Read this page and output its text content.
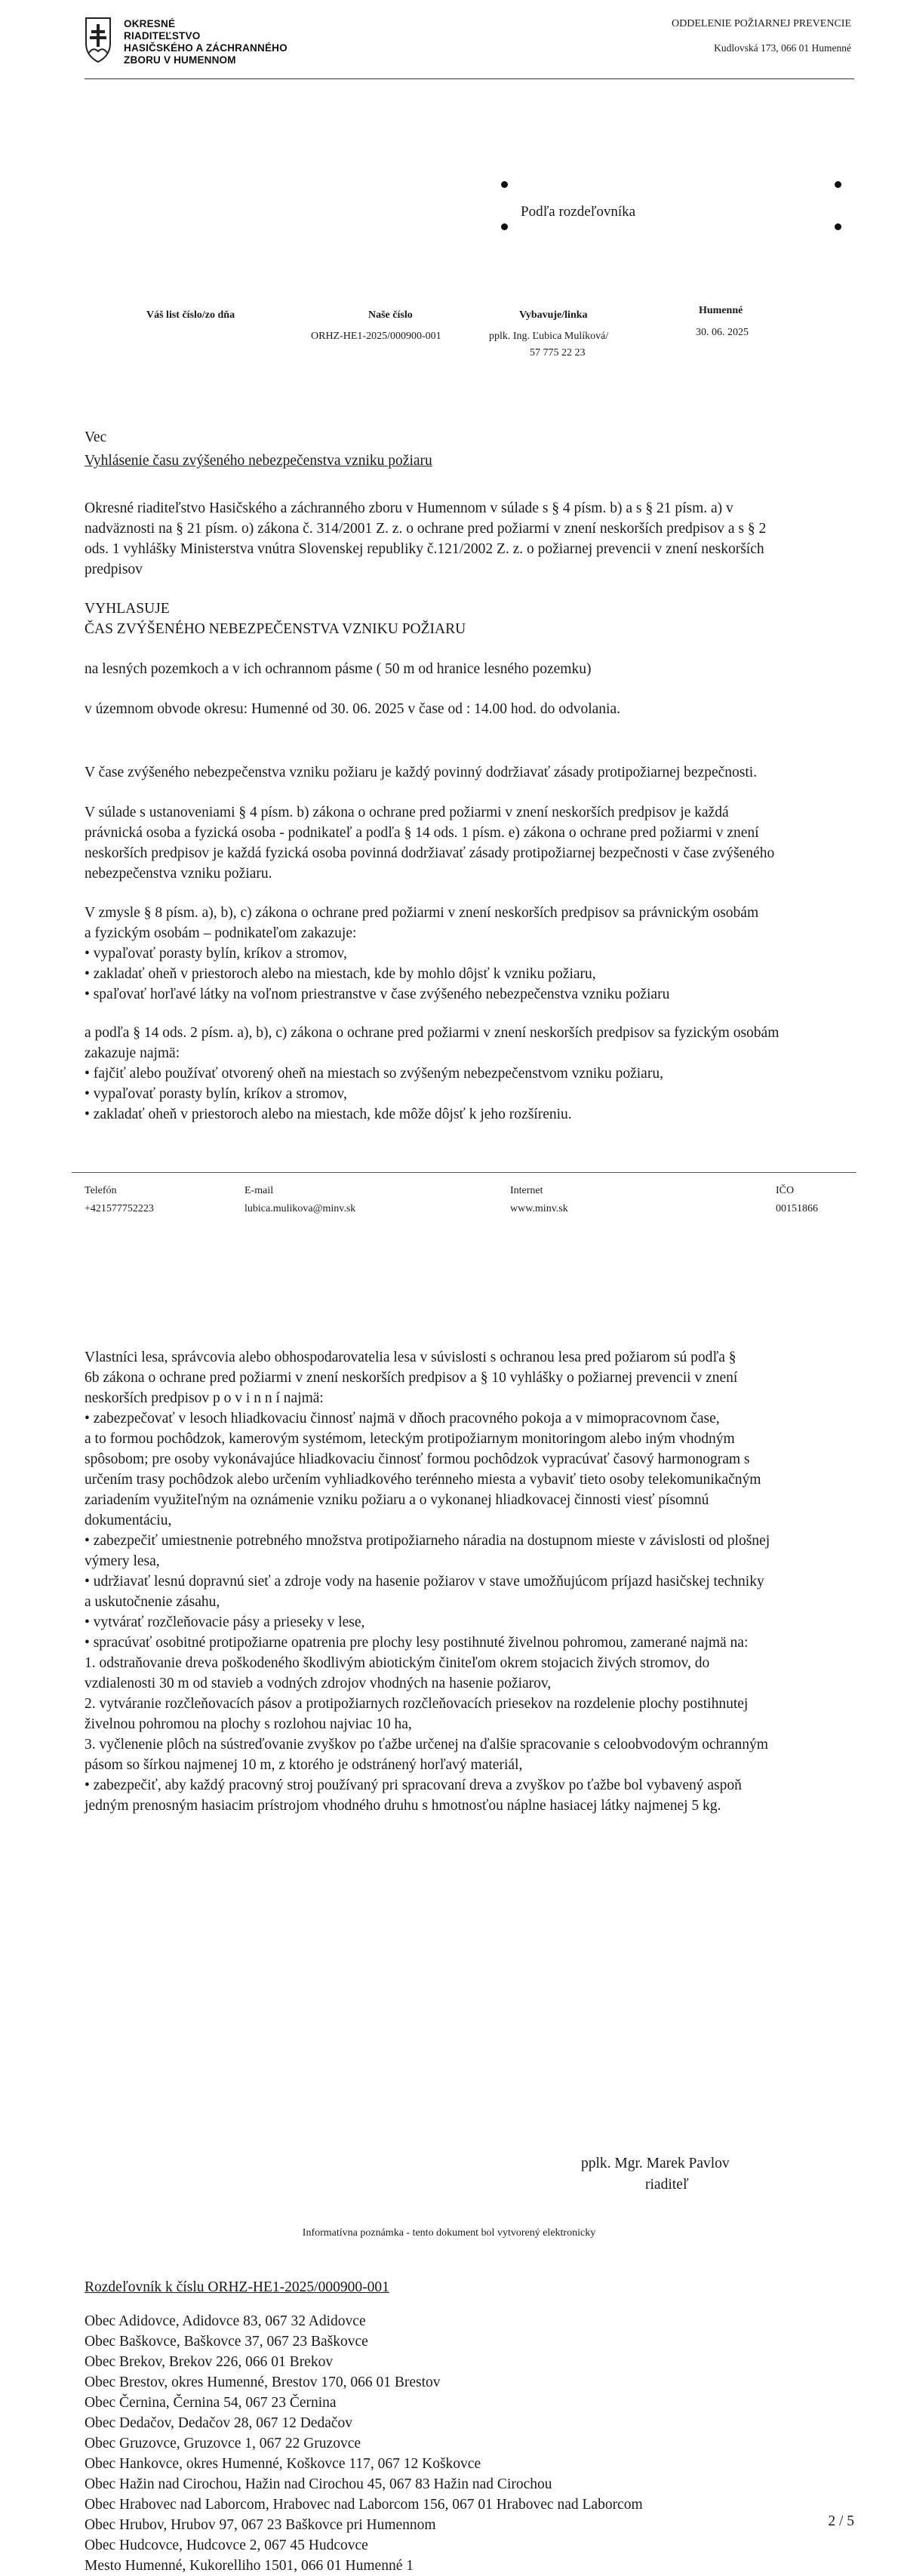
OKRESNÉ
RIADITEĽSTVO
HASIČSKÉHO A ZÁCHRANNÉHO
ZBORU V HUMENNOM
ODDELENIE POŽIARNEJ PREVENCIE
Kudlovská 173, 066 01 Humenné
Podľa rozdeľovníka
Váš list číslo/zo dňa	Naše číslo
ORHZ-HE1-2025/000900-001
Vybavuje/linka
pplk. Ing. Ľubica Mulíková/
57 775 22 23
Humenné
30. 06. 2025
Vec
Vyhlásenie času zvýšeného nebezpečenstva vzniku požiaru
Okresné riaditeľstvo Hasičského a záchranného zboru v Humennom v súlade s § 4 písm. b) a s § 21 písm. a) v
nadväznosti na § 21 písm. o) zákona č. 314/2001 Z. z. o ochrane pred požiarmi v znení neskorších predpisov a s § 2
ods. 1 vyhlášky Ministerstva vnútra Slovenskej republiky č.121/2002 Z. z. o požiarnej prevencii v znení neskorších
predpisov
VYHLASUJE
ČAS ZVÝŠENÉHO NEBEZPEČENSTVA VZNIKU POŽIARU
na lesných pozemkoch a v ich ochrannom pásme ( 50 m od hranice lesného pozemku)
v územnom obvode okresu: Humenné od 30. 06. 2025 v čase od : 14.00 hod. do odvolania.
V čase zvýšeného nebezpečenstva vzniku požiaru je každý povinný dodržiavať zásady protipožiarnej bezpečnosti.
V súlade s ustanoveniami § 4 písm. b) zákona o ochrane pred požiarmi v znení neskorších predpisov je každá
právnická osoba a fyzická osoba - podnikateľ a podľa § 14 ods. 1 písm. e) zákona o ochrane pred požiarmi v znení
neskorších predpisov je každá fyzická osoba povinná dodržiavať zásady protipožiarnej bezpečnosti v čase zvýšeného
nebezpečenstva vzniku požiaru.
V zmysle § 8 písm. a), b), c) zákona o ochrane pred požiarmi v znení neskorších predpisov sa právnickým osobám
a fyzickým osobám – podnikateľom zakazuje:
• vypaľovať porasty bylín, kríkov a stromov,
• zakladať oheň v priestoroch alebo na miestach, kde by mohlo dôjsť k vzniku požiaru,
• spaľovať horľavé látky na voľnom priestranstve v čase zvýšeného nebezpečenstva vzniku požiaru
a podľa § 14 ods. 2 písm. a), b), c) zákona o ochrane pred požiarmi v znení neskorších predpisov sa fyzickým osobám
zakazuje najmä:
• fajčiť alebo používať otvorený oheň na miestach so zvýšeným nebezpečenstvom vzniku požiaru,
• vypaľovať porasty bylín, kríkov a stromov,
• zakladať oheň v priestoroch alebo na miestach, kde môže dôjsť k jeho rozšíreniu.
Telefón
+421577752223
E-mail
lubica.mulikova@minv.sk
Internet
www.minv.sk
IČO
00151866
Vlastníci lesa, správcovia alebo obhospodarovatelia lesa v súvislosti s ochranou lesa pred požiarom sú podľa §
6b zákona o ochrane pred požiarmi v znení neskorších predpisov a § 10 vyhlášky o požiarnej prevencii v znení
neskorších predpisov p o v i n n í najmä:
• zabezpečovať v lesoch hliadkovaciu činnosť najmä v dňoch pracovného pokoja a v mimopracovnom čase,
a to formou pochôdzok, kamerovým systémom, leteckým protipožiarnym monitoringom alebo iným vhodným
spôsobom; pre osoby vykonávajúce hliadkovaciu činnosť formou pochôdzok vypracúvať časový harmonogram s
určením trasy pochôdzok alebo určením vyhliadkového terénneho miesta a vybaviť tieto osoby telekomunikačným
zariadením využiteľným na oznámenie vzniku požiaru a o vykonanej hliadkovacej činnosti viesť písomnú
dokumentáciu,
• zabezpečiť umiestnenie potrebného množstva protipožiarneho náradia na dostupnom mieste v závislosti od plošnej
výmery lesa,
• udržiavať lesnú dopravnú sieť a zdroje vody na hasenie požiarov v stave umožňujúcom príjazd hasičskej techniky
a uskutočnenie zásahu,
• vytvárať rozčleňovacie pásy a prieseky v lese,
• spracúvať osobitné protipožiarne opatrenia pre plochy lesy postihnuté živelnou pohromou, zamerané najmä na:
1. odstraňovanie dreva poškodeného škodlivým abiotickým činiteľom okrem stojacich živých stromov, do
vzdialenosti 30 m od stavieb a vodných zdrojov vhodných na hasenie požiarov,
2. vytváranie rozčleňovacích pásov a protipožiarnych rozčleňovacích priesekov na rozdelenie plochy postihnutej
živelnou pohromou na plochy s rozlohou najviac 10 ha,
3. vyčlenenie plôch na sústreďovanie zvyškov po ťažbe určenej na ďalšie spracovanie s celoobvodovým ochranným
pásom so šírkou najmenej 10 m, z ktorého je odstránený horľavý materiál,
• zabezpečiť, aby každý pracovný stroj používaný pri spracovaní dreva a zvyškov po ťažbe bol vybavený aspoň
jedným prenosným hasiacim prístrojom vhodného druhu s hmotnosťou náplne hasiacej látky najmenej 5 kg.
pplk. Mgr. Marek Pavlov
riaditeľ
Informatívna poznámka - tento dokument bol vytvorený elektronicky
Rozdeľovník k číslu ORHZ-HE1-2025/000900-001
Obec Adidovce, Adidovce 83, 067 32 Adidovce
Obec Baškovce, Baškovce 37, 067 23 Baškovce
Obec Brekov, Brekov 226, 066 01 Brekov
Obec Brestov, okres Humenné, Brestov 170, 066 01 Brestov
Obec Černina, Černina 54, 067 23 Černina
Obec Dedačov, Dedačov 28, 067 12 Dedačov
Obec Gruzovce, Gruzovce 1, 067 22 Gruzovce
Obec Hankovce, okres Humenné, Koškovce 117, 067 12 Koškovce
Obec Hažin nad Cirochou, Hažin nad Cirochou 45, 067 83 Hažin nad Cirochou
Obec Hrabovec nad Laborcom, Hrabovec nad Laborcom 156, 067 01 Hrabovec nad Laborcom
Obec Hrubov, Hrubov 97, 067 23 Baškovce pri Humennom
Obec Hudcovce, Hudcovce 2, 067 45 Hudcovce
Mesto Humenné, Kukorelliho 1501, 066 01 Humenné 1
2 / 5
